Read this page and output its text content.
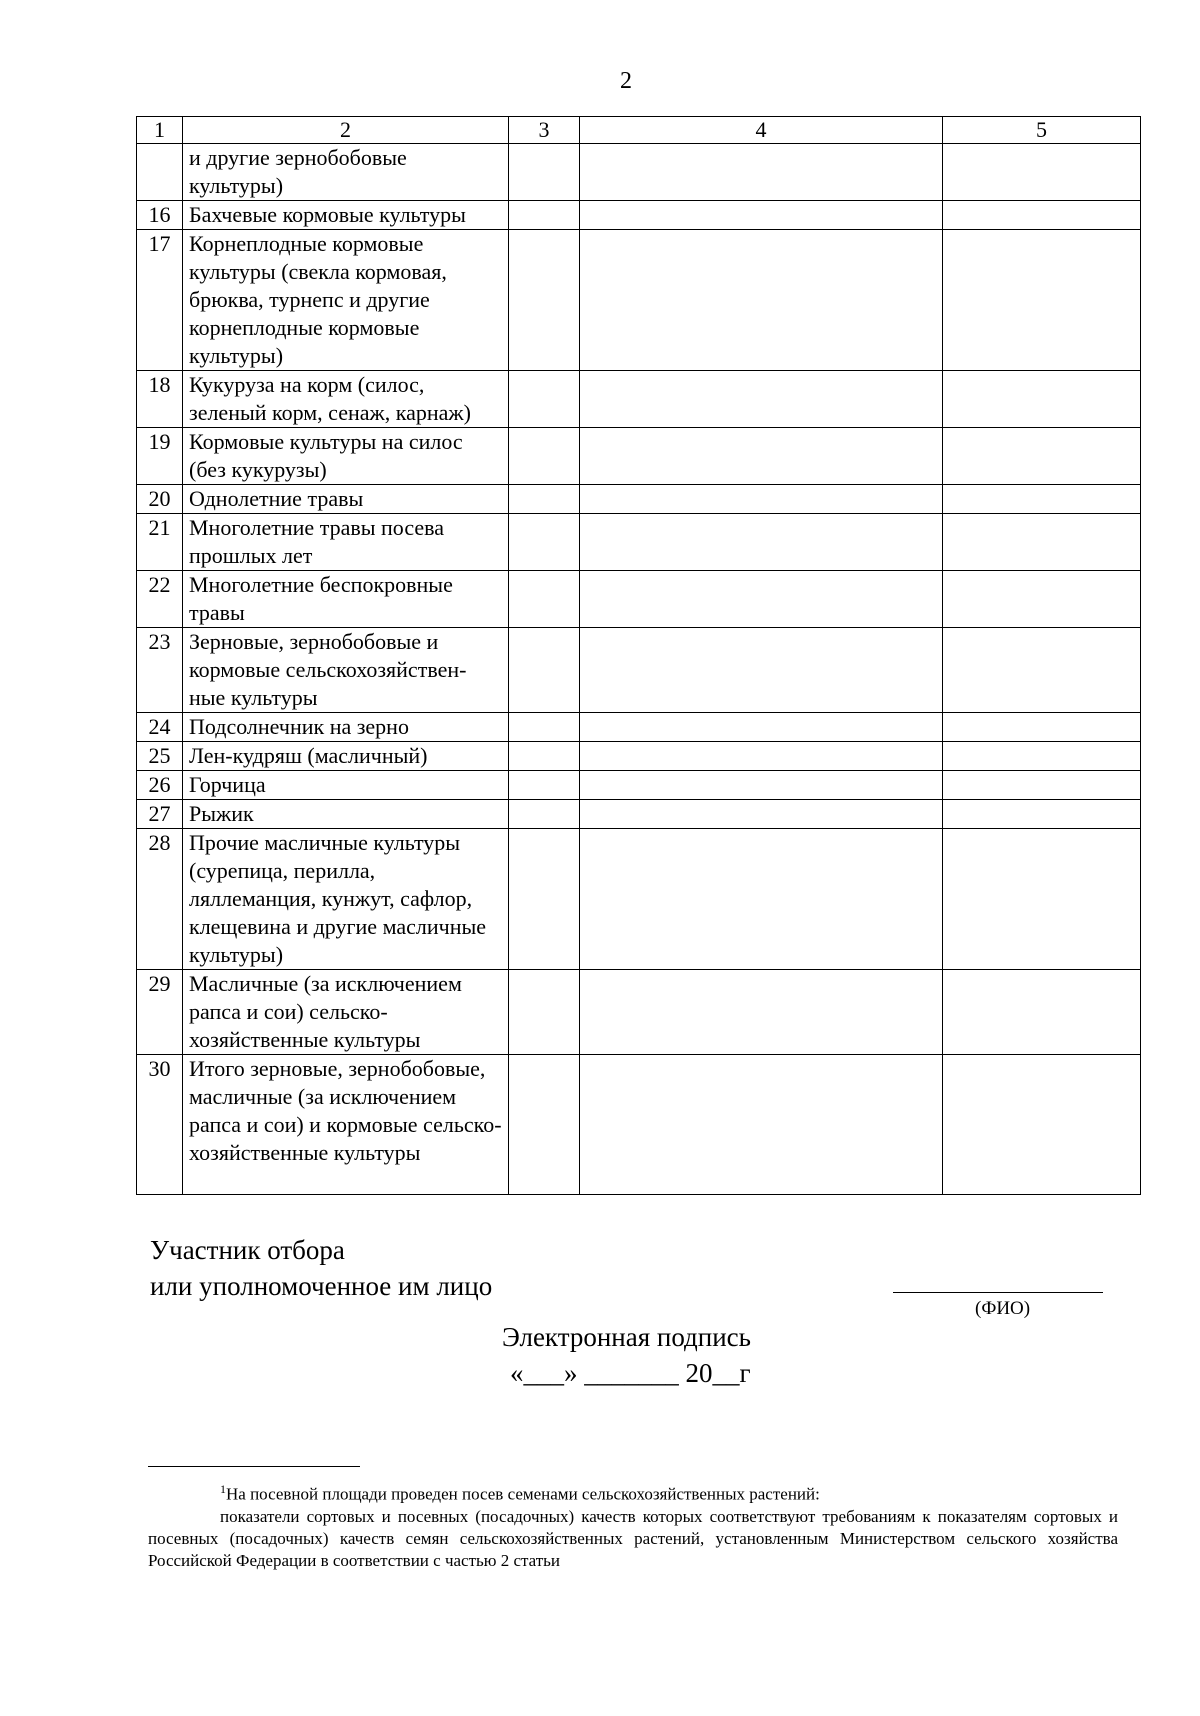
2
1	2	3	4	5
	и другие зернобобовые культуры)			
16	Бахчевые кормовые культуры			
17	Корнеплодные кормовые культуры (свекла кормовая, брюква, турнепс и другие корнеплодные кормовые культуры)			
18	Кукуруза на корм (силос, зеленый корм, сенаж, карнаж)			
19	Кормовые культуры на силос (без кукурузы)			
20	Однолетние травы			
21	Многолетние травы посева прошлых лет			
22	Многолетние беспокровные травы			
23	Зерновые, зернобобовые и кормовые сельскохозяйствен-ные культуры			
24	Подсолнечник на зерно			
25	Лен-кудряш (масличный)			
26	Горчица			
27	Рыжик			
28	Прочие масличные культуры (сурепица, перилла, ляллеманция, кунжут, сафлор, клещевина и другие масличные культуры)			
29	Масличные (за исключением рапса и сои) сельско-хозяйственные культуры			
30	Итого зерновые, зернобобовые, масличные (за исключением рапса и сои) и кормовые сельско-хозяйственные культуры			
Участник отбора
или уполномоченное им лицо
(ФИО)
Электронная подпись
«___» _______ 20__г

$^1$На посевной площади проведен посев семенами сельскохозяйственных растений:

показатели сортовых и посевных (посадочных) качеств которых соответствуют требованиям к показателям сортовых и посевных (посадочных) качеств семян сельскохозяйственных растений, установленным Министерством сельского хозяйства Российской Федерации в соответствии с частью 2 статьи
